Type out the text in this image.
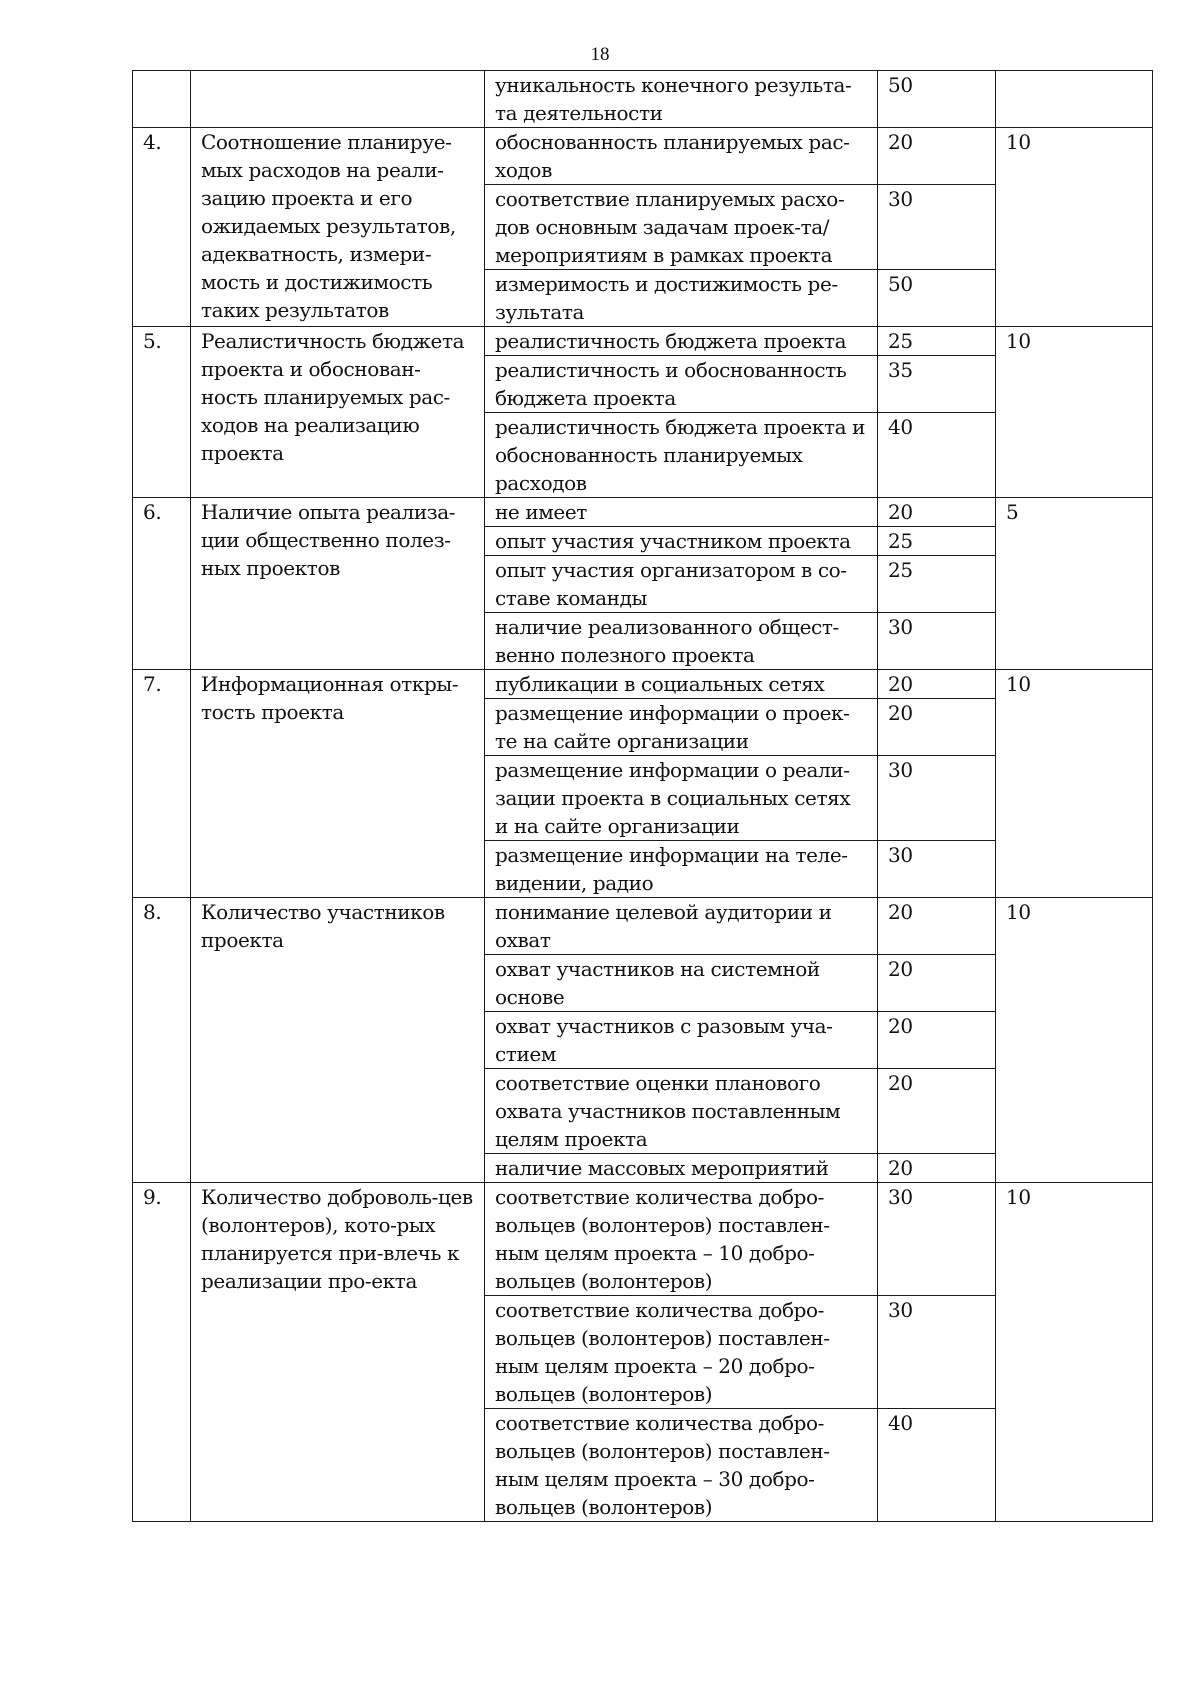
18
		уникальность конечного результа-та деятельности	50	
4.	Соотношение планируе-мых расходов на реали-зацию проекта и его ожидаемых результатов, адекватность, измери-мость и достижимость таких результатов	обоснованность планируемых рас-ходов	20	10
		соответствие планируемых расхо-дов основным задачам проек-та/мероприятиям в рамках проекта	30	
		измеримость и достижимость ре-зультата	50	
5.	Реалистичность бюджета проекта и обоснован-ность планируемых рас-ходов на реализацию проекта	реалистичность бюджета проекта	25	10
		реалистичность и обоснованность бюджета проекта	35	
		реалистичность бюджета проекта и обоснованность планируемых расходов	40	
6.	Наличие опыта реализа-ции общественно полез-ных проектов	не имеет	20	5
		опыт участия участником проекта	25	
		опыт участия организатором в со-ставе команды	25	
		наличие реализованного общест-венно полезного проекта	30	
7.	Информационная откры-тость проекта	публикации в социальных сетях	20	10
		размещение информации о проек-те на сайте организации	20	
		размещение информации о реали-зации проекта в социальных сетях и на сайте организации	30	
		размещение информации на теле-видении, радио	30	
8.	Количество участников проекта	понимание целевой аудитории и охват	20	10
		охват участников на системной основе	20	
		охват участников с разовым уча-стием	20	
		соответствие оценки планового охвата участников поставленным целям проекта	20	
		наличие массовых мероприятий	20	
9.	Количество доброволь-цев (волонтеров), кото-рых планируется при-влечь к реализации про-екта	соответствие количества добро-вольцев (волонтеров) поставлен-ным целям проекта – 10 добро-вольцев (волонтеров)	30	10
		соответствие количества добро-вольцев (волонтеров) поставлен-ным целям проекта – 20 добро-вольцев (волонтеров)	30	
		соответствие количества добро-вольцев (волонтеров) поставлен-ным целям проекта – 30 добро-вольцев (волонтеров)	40	
